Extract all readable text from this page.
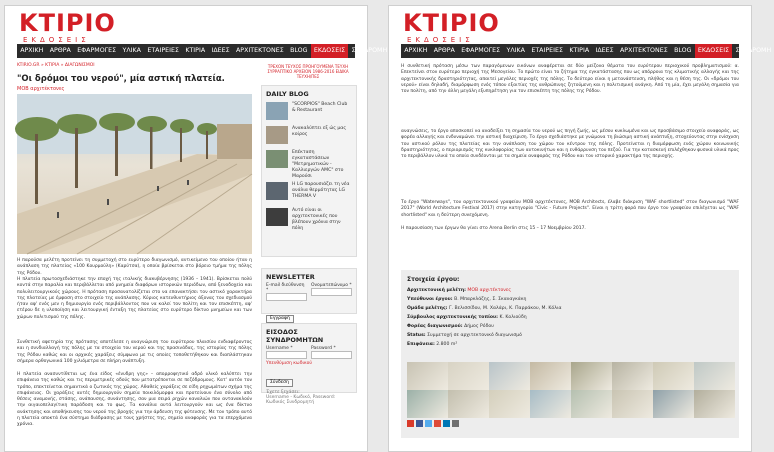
ΚΤΙΡΙΟ
ΕΚΔΟΣΕΙΣ
ΑΡΧΙΚΗ	ΑΡΘΡΑ	ΕΦΑΡΜΟΓΕΣ	ΥΛΙΚΑ	ΕΤΑΙΡΕΙΕΣ	ΚΤΙΡΙΑ	ΙΔΕΕΣ	ΑΡΧΙΤΕΚΤΟΝΕΣ	BLOG	ΕΚΔΟΣΕΙΣ	ΣΥΝΔΡΟΜΗ
KTIRIO.GR » ΚΤΙΡΙΑ » ΔΙΑΓΩΝΙΣΜΟΙ
"Οι δρόμοι του νερού", μία αστική πλατεία.
MOB αρχιτέκτονες
ΤΡΕΧΟΝ ΤΕΥΧΟΣ ΠΡΟΗΓΟΥΜΕΝΑ ΤΕΥΧΗ ΣΥΡΡΑΠΤΙΚΟ ΑΡΧΕΙΟΝ 1986-2016 ΕΙΔΙΚΑ ΤΕΥΧΗ/ΠΕΣ
Η παρούσα μελέτη προτείνει τη συμμετοχή στο ευρύτερο διαγωνισμό, αντικείμενο του οποίου ήταν η ανάπλαση της πλατείας «100 Κουρμούλη» (Καρύτσα), η οποία βρίσκεται στο βόρειο τμήμα της πόλης της Ρόδου.
Η πλατεία πρωτοσχεδιάστηκε την εποχή της ιταλικής διακυβέρνησης (1936 – 1941). Βρίσκεται πολύ κοντά στην παραλία και περιβάλλεται από μνημεία διαφόρων ιστορικών περιόδων, από ξενοδοχεία και πολυλειτουργικούς χώρους. Η πρόταση προσανατολίζεται στο να επανακτήσει τον αστικό χαρακτήρα της πλατείας με έμφαση στο στοιχείο της ανάπλασης. Κύριος κατευθυντήριος άξονας του σχεδιασμού ήταν αφ' ενός μεν η δημιουργία ενός περιβάλλοντος που να καλεί τον πολίτη και τον επισκέπτη, αφ' ετέρου δε η υλοποίηση και λειτουργική ένταξη της πλατείας στο ευρύτερο δίκτυο μνημείων και των χώρων πολιτισμού της πόλης.
Συνθετική αφετηρία της πρότασης αποτέλεσε η αναγνώριση του ευρύτερου πλαισίου ενδιαφέροντος και η συνδιαλλαγή της πόλης με τα στοιχεία του νερού και της πρασινάδας, της ιστορίας της πόλης της Ρόδου καθώς και οι αρχικές χαράξεις σύμφωνα με τις οποίες τοποθετήθηκαν και διαπλάστηκαν σήμερα ορθογωνικά 100 χιλιόμετρα σε πλήρη ανάπτυξη.
Η πλατεία ανασυντίθεται ως ένα είδος «ένυδρη γης» – απορροφητικό αδρό υλικό καλύπτει την επιφάνεια της καθώς και τις περιμετρικές οδούς που μετατρέπονται σε πεζόδρομους. Κατ' αυτόν τον τρόπο, επεκτείνεται σημαντικά ο ζωτικός της χώρος. Αθαθείς χαράξεις σε είδη ρηχωμάτων σχήμα της επιφάνειας. Οι χαράξεις αυτές δημιουργούν σημεία ποικιλόμορφα και προτείνουν ένα σύνολο από θέσεις αναμονής, στάσης, ανάπαυσης, συνάντησης, σαν μια σειρά ρηχών καναλιών που αντανακλούν την αιγαιοπελαγίτικη παράδοση και το φως. Τα κανάλια αυτά λειτουργούν και ως ένα δίκτυο ανάκτησης και αποθήκευσης του νερού της βροχής για την άρδευση της φύτευσης. Με τον τρόπο αυτό η πλατεία αποκτά ένα σύστημα διάδρασης με τους χρήστες της, σημείο αναφοράς για τα επερχόμενα χρόνια.
DAILY BLOG
"SCORPIOS" Beach Club & Restaurant
Ανακαλύπτει εξ ώς μας κοίρος
Επέκταση εγκαταστάσεων "Μετρηματικών - Καλλιεργών AMC" στο Μαρούσι
Η LG παρουσιάζει τη νέα ανάλια θερμότητας LG THERMA V
Αυτό είναι οι αρχιτεκτονικές που βλέπουν χρόνια στην πόλη
NEWSLETTER
E-mail διεύθυνση *
Ονοματεπώνυμο *
Εγγραφή
ΕΙΣΟΔΟΣ ΣΥΝΔΡΟΜΗΤΩΝ
Username *	Password *
Υπενθύμιση κωδικού
Σύνδεση
Έχετε ξεχάσει:
Username - Κωδικό, Password: Κωδικός Συνδρομητή
ΚΤΙΡΙΟ
ΕΚΔΟΣΕΙΣ
ΑΡΧΙΚΗ	ΑΡΘΡΑ	ΕΦΑΡΜΟΓΕΣ	ΥΛΙΚΑ	ΕΤΑΙΡΕΙΕΣ	ΚΤΙΡΙΑ	ΙΔΕΕΣ	ΑΡΧΙΤΕΚΤΟΝΕΣ	BLOG	ΕΚΔΟΣΕΙΣ	ΣΥΝΔΡΟΜΗ
Η συνθετική πρόταση μέσω των παραγόμενων εικόνων αναφέρεται σε δύο μείζονα θέματα του ευρύτερου περιοχικού προβληματισμού: α. Επεκτείνει στον ευρύτερο περιοχή της Μεσογείου. Το πρώτο είναι το ζήτημα της εγκατάστασης που ως απόρροια της κλιματικής αλλαγής και της αρχιτεκτονικής δραστηριότητας, απαιτεί μεγάλες περιοχές της πόλης. Το δεύτερο είναι η μετανάστευση, πλήθος και η θέση της. Οι «δρόμοι του νερού» είναι δηλαδή, διαμόρφωση ενός τόπου εξαιτίας της ανθρώπινης ζητούμενη και η πολιτισμική ανάγκη. Από τη μία, έχει μεγάλη σημασία για τον πολίτη, από την άλλη μεγάλη εξυπηρέτηση για τον επισκέπτη της πόλης της Ρόδου.
αναγνώσεις, το έργο αποσκοπεί να αναδείξει τη σημασία του νερού ως πηγή ζωής, ως μέσου κυκλωμένα και ως προσβάσιμο στοιχείο αναφοράς, ως φορέα αλλαγής και ενδυναμώνει την αστική διαχείριση. Το έργο σχεδιάστηκε με γνώμονα τη βιώσιμη αστική ανάπτυξη, στοχεύοντας στην ενίσχυση του αστικού ρόλου της πλατείας και την ανάπλαση του χώρου του κέντρου της πόλης. Προτείνεται η διαμόρφωση ενός χώρου κοινωνικής δραστηριότητας, ο περιορισμός της κυκλοφορίας των αυτοκινήτων και η ενθάρρυνση του πεζού. Για την κατασκευή επιλέχθηκαν φυσικά υλικά προς το περιβάλλον υλικά τα οποία συνδέονται με τα σημεία αναφοράς της Ρόδου και τον ιστορικό χαρακτήρα της περιοχής.
Το έργο "Waterways", του αρχιτεκτονικού γραφείου MOB αρχιτέκτονες, MOB Architects, έλαβε διάκριση "WAF shortlisted" στον διαγωνισμό "WAF 2017" (World Architecture Festival 2017) στην κατηγορία "Civic - Future Projects". Είναι η τρίτη φορά που έργο του γραφείου επιλέγεται ως "WAF shortlisted" και η δεύτερη συνεχόμενη.
Η παρουσίαση των έργων θα γίνει στο Arena Berlin στις 15 – 17 Νοεμβρίου 2017.
Στοιχεία έργου:
Αρχιτεκτονική μελέτη: MOB αρχιτέκτονες
Υπεύθυνοι έργου: Β. Μπαρκλάζης, Σ. Σκαναγκάκη
Ομάδα μελέτης: Γ. Βελισσίδου, Μ. Χαλάρι, Κ. Παρράκου, Μ. Κόλια
Σύμβουλος αρχιτεκτονικής τοπίου: Κ. Κολιούδη
Φορέας διαγωνισμού: Δήμος Ρόδου
Status: Συμμετοχή σε αρχιτεκτονικό διαγωνισμό
Επιφάνεια: 2.800 m²
